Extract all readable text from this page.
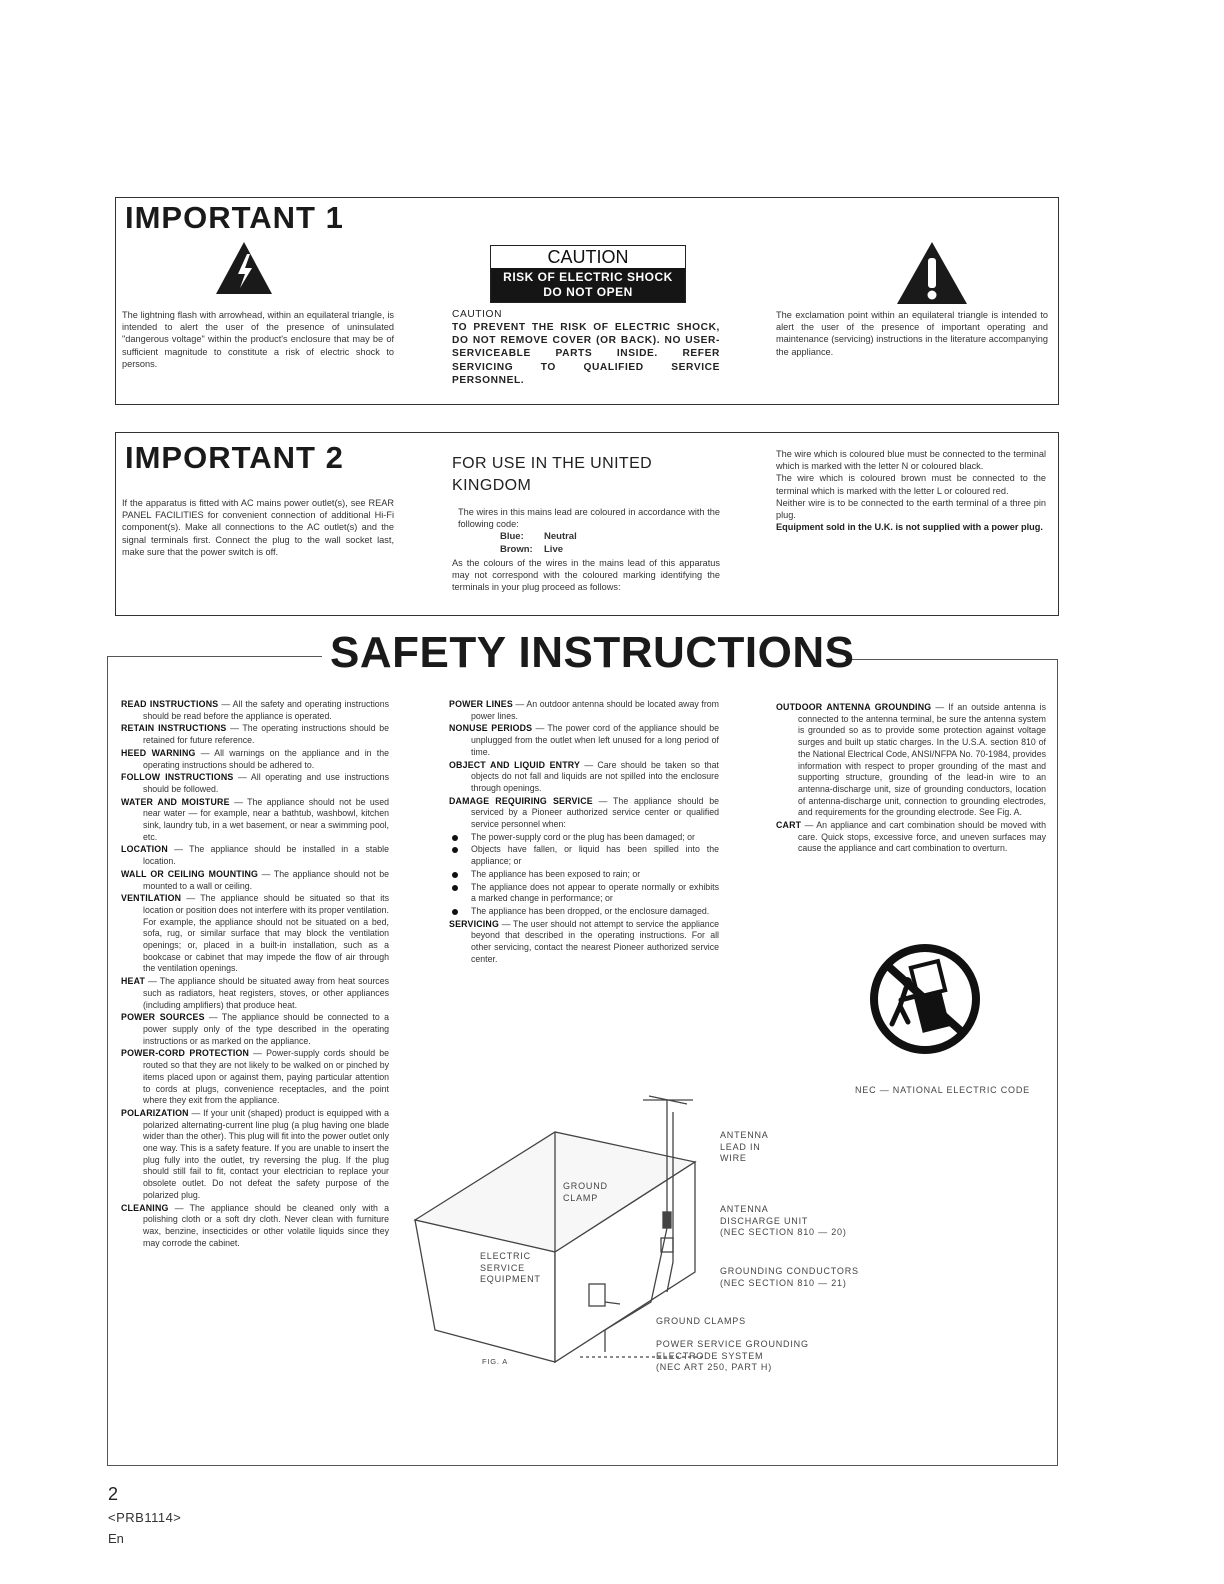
IMPORTANT 1
The lightning flash with arrowhead, within an equilateral triangle, is intended to alert the user of the presence of uninsulated "dangerous voltage" within the product's enclosure that may be of sufficient magnitude to constitute a risk of electric shock to persons.
CAUTION
RISK OF ELECTRIC SHOCK
DO NOT OPEN
CAUTION
TO PREVENT THE RISK OF ELECTRIC SHOCK, DO NOT REMOVE COVER (OR BACK). NO USER-SERVICEABLE PARTS INSIDE. REFER SERVICING TO QUALIFIED SERVICE PERSONNEL.
The exclamation point within an equilateral triangle is intended to alert the user of the presence of important operating and maintenance (servicing) instructions in the literature accompanying the appliance.
IMPORTANT 2
If the apparatus is fitted with AC mains power outlet(s), see REAR PANEL FACILITIES for convenient connection of additional Hi-Fi component(s). Make all connections to the AC outlet(s) and the signal terminals first. Connect the plug to the wall socket last, make sure that the power switch is off.
FOR USE IN THE UNITED KINGDOM
The wires in this mains lead are coloured in accordance with the following code:
Blue: Neutral
Brown: Live
As the colours of the wires in the mains lead of this apparatus may not correspond with the coloured marking identifying the terminals in your plug proceed as follows:
The wire which is coloured blue must be connected to the terminal which is marked with the letter N or coloured black.
The wire which is coloured brown must be connected to the terminal which is marked with the letter L or coloured red.
Neither wire is to be connected to the earth terminal of a three pin plug.
Equipment sold in the U.K. is not supplied with a power plug.
SAFETY INSTRUCTIONS
READ INSTRUCTIONS — All the safety and operating instructions should be read before the appliance is operated.
RETAIN INSTRUCTIONS — The operating instructions should be retained for future reference.
HEED WARNING — All warnings on the appliance and in the operating instructions should be adhered to.
FOLLOW INSTRUCTIONS — All operating and use instructions should be followed.
WATER AND MOISTURE — The appliance should not be used near water — for example, near a bathtub, washbowl, kitchen sink, laundry tub, in a wet basement, or near a swimming pool, etc.
LOCATION — The appliance should be installed in a stable location.
WALL OR CEILING MOUNTING — The appliance should not be mounted to a wall or ceiling.
VENTILATION — The appliance should be situated so that its location or position does not interfere with its proper ventilation. For example, the appliance should not be situated on a bed, sofa, rug, or similar surface that may block the ventilation openings; or, placed in a built-in installation, such as a bookcase or cabinet that may impede the flow of air through the ventilation openings.
HEAT — The appliance should be situated away from heat sources such as radiators, heat registers, stoves, or other appliances (including amplifiers) that produce heat.
POWER SOURCES — The appliance should be connected to a power supply only of the type described in the operating instructions or as marked on the appliance.
POWER-CORD PROTECTION — Power-supply cords should be routed so that they are not likely to be walked on or pinched by items placed upon or against them, paying particular attention to cords at plugs, convenience receptacles, and the point where they exit from the appliance.
POLARIZATION — If your unit (shaped) product is equipped with a polarized alternating-current line plug (a plug having one blade wider than the other). This plug will fit into the power outlet only one way. This is a safety feature. If you are unable to insert the plug fully into the outlet, try reversing the plug. If the plug should still fail to fit, contact your electrician to replace your obsolete outlet. Do not defeat the safety purpose of the polarized plug.
CLEANING — The appliance should be cleaned only with a polishing cloth or a soft dry cloth. Never clean with furniture wax, benzine, insecticides or other volatile liquids since they may corrode the cabinet.
POWER LINES — An outdoor antenna should be located away from power lines.
NONUSE PERIODS — The power cord of the appliance should be unplugged from the outlet when left unused for a long period of time.
OBJECT AND LIQUID ENTRY — Care should be taken so that objects do not fall and liquids are not spilled into the enclosure through openings.
DAMAGE REQUIRING SERVICE — The appliance should be serviced by a Pioneer authorized service center or qualified service personnel when:
The power-supply cord or the plug has been damaged; or
Objects have fallen, or liquid has been spilled into the appliance; or
The appliance has been exposed to rain; or
The appliance does not appear to operate normally or exhibits a marked change in performance; or
The appliance has been dropped, or the enclosure damaged.
SERVICING — The user should not attempt to service the appliance beyond that described in the operating instructions. For all other servicing, contact the nearest Pioneer authorized service center.
OUTDOOR ANTENNA GROUNDING — If an outside antenna is connected to the antenna terminal, be sure the antenna system is grounded so as to provide some protection against voltage surges and built up static charges. In the U.S.A. section 810 of the National Electrical Code, ANSI/NFPA No. 70-1984, provides information with respect to proper grounding of the mast and supporting structure, grounding of the lead-in wire to an antenna-discharge unit, size of grounding conductors, location of antenna-discharge unit, connection to grounding electrodes, and requirements for the grounding electrode. See Fig. A.
CART — An appliance and cart combination should be moved with care. Quick stops, excessive force, and uneven surfaces may cause the appliance and cart combination to overturn.
NEC — NATIONAL ELECTRIC CODE
ANTENNA
LEAD IN
WIRE
GROUND
CLAMP
ANTENNA
DISCHARGE UNIT
(NEC SECTION 810 — 20)
ELECTRIC
SERVICE
EQUIPMENT
GROUNDING CONDUCTORS
(NEC SECTION 810 — 21)
GROUND CLAMPS
POWER SERVICE GROUNDING
ELECTRODE SYSTEM
(NEC ART 250, PART H)
FIG. A
2
<PRB1114>
En
